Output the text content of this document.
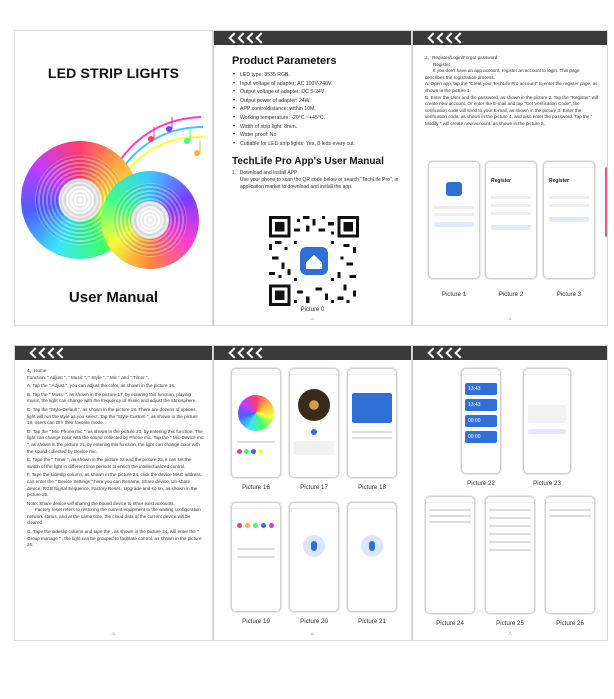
LED STRIP LIGHTS
User Manual
Product Parameters
• LED type: 3535 RGB.
• Input voltage of adapter: AC 100V-240V.
• Output voltage of adapter: DC 5-24V
• Output power of adapter: 24W.
• APP controldistance: within 10M.
• Working temperature: -20°C ~+45°C.
• Width of strip light: 8mm.
• Water proof: No
• Cuttable for LED strip lights: Yes, 8 leds every cut.
TechLife Pro App's User Manual
1、Download and Install APP
Use your phone to scan the QR code below or search "TechLife Pro", in application market to download and install the app.
Picture 0
-2-
2、Register/Login/Forgot password
Register
If you don't have an app account, register an account to login. This page describes the registration process.
A. Open app, tap the "Creat your TechLife Pro account" to enter the register page, as shown in the picture 1.
B. Enter the User and the password, as shown in the picture 2. Tap the "Register" will create new account. Or enter the E-mail and tap "Get Verification Code", the verification code will send to your E-mail, as shown in the picture 3. Enter the verification code, as shown in the picture 4, and also enter the password. Tap the " Modify " will create new account, as shown in the picture 5.
Register	Register
Picture 1	Picture 2	Picture 3
-3-
4、Home
Function: " Adjust ", " Music ", " Style ", " Mic " and " Timer ".
A. Tap the " Adjust ", you can adjust the color, as shown in the picture 16.
B. Tap the " Music ", as shown in the picture 17, by entering this function, playing music, the light can change with the frequency of music and adjust the atmosphere.
C. Tap the "Style-Default ", as shown in the picture 18. There are dozens of options, light will run the style as you select. Tap the "Style-Custom ", as shown in the picture 19, users can DIY their favorite mode.
D. Tap the " Mic-Phone mic ", as shown in the picture 20, by entering this function, The light can change color with the sound collected by Phone mic. Tap the " Mic-Device mic ", as shown in the picture 21, by entering this function, the light can change color with the sound collected by Device mic.
E. Tape the " Timer ", as shown in the picture 22 and the picture 23, it can set the switch of the light in different time periods to enrich the intellectualized control.
F. Tape the sideslip column, as shown in the picture 24, click the device MAC address, can enter the " Device Settings ",here you can Rename, Share device, Un-share device, RGB Signal Sequence, Factory Reset , Upgrade and so on, as shown in the picture 25.
Note: Share device will sharing the bound device to other exist accounts.
Factory reset refers to restoring the current equipment to the waiting configuration network status, and at the same time, the cloud data of the current device will be cleared
G. Tape the sideslip column and tape the , as shown in the picture 24, will enter the " Group manage " , the light can be grouped to facilitate control, as shown in the picture 26.
-5-
Picture 16	Picture 17	Picture 18
Picture 19	Picture 20	Picture 21
-6-
13:43
13:43
00:00
00:00
Picture 22	Picture 23
Picture 24	Picture 25	Picture 26
-7-
